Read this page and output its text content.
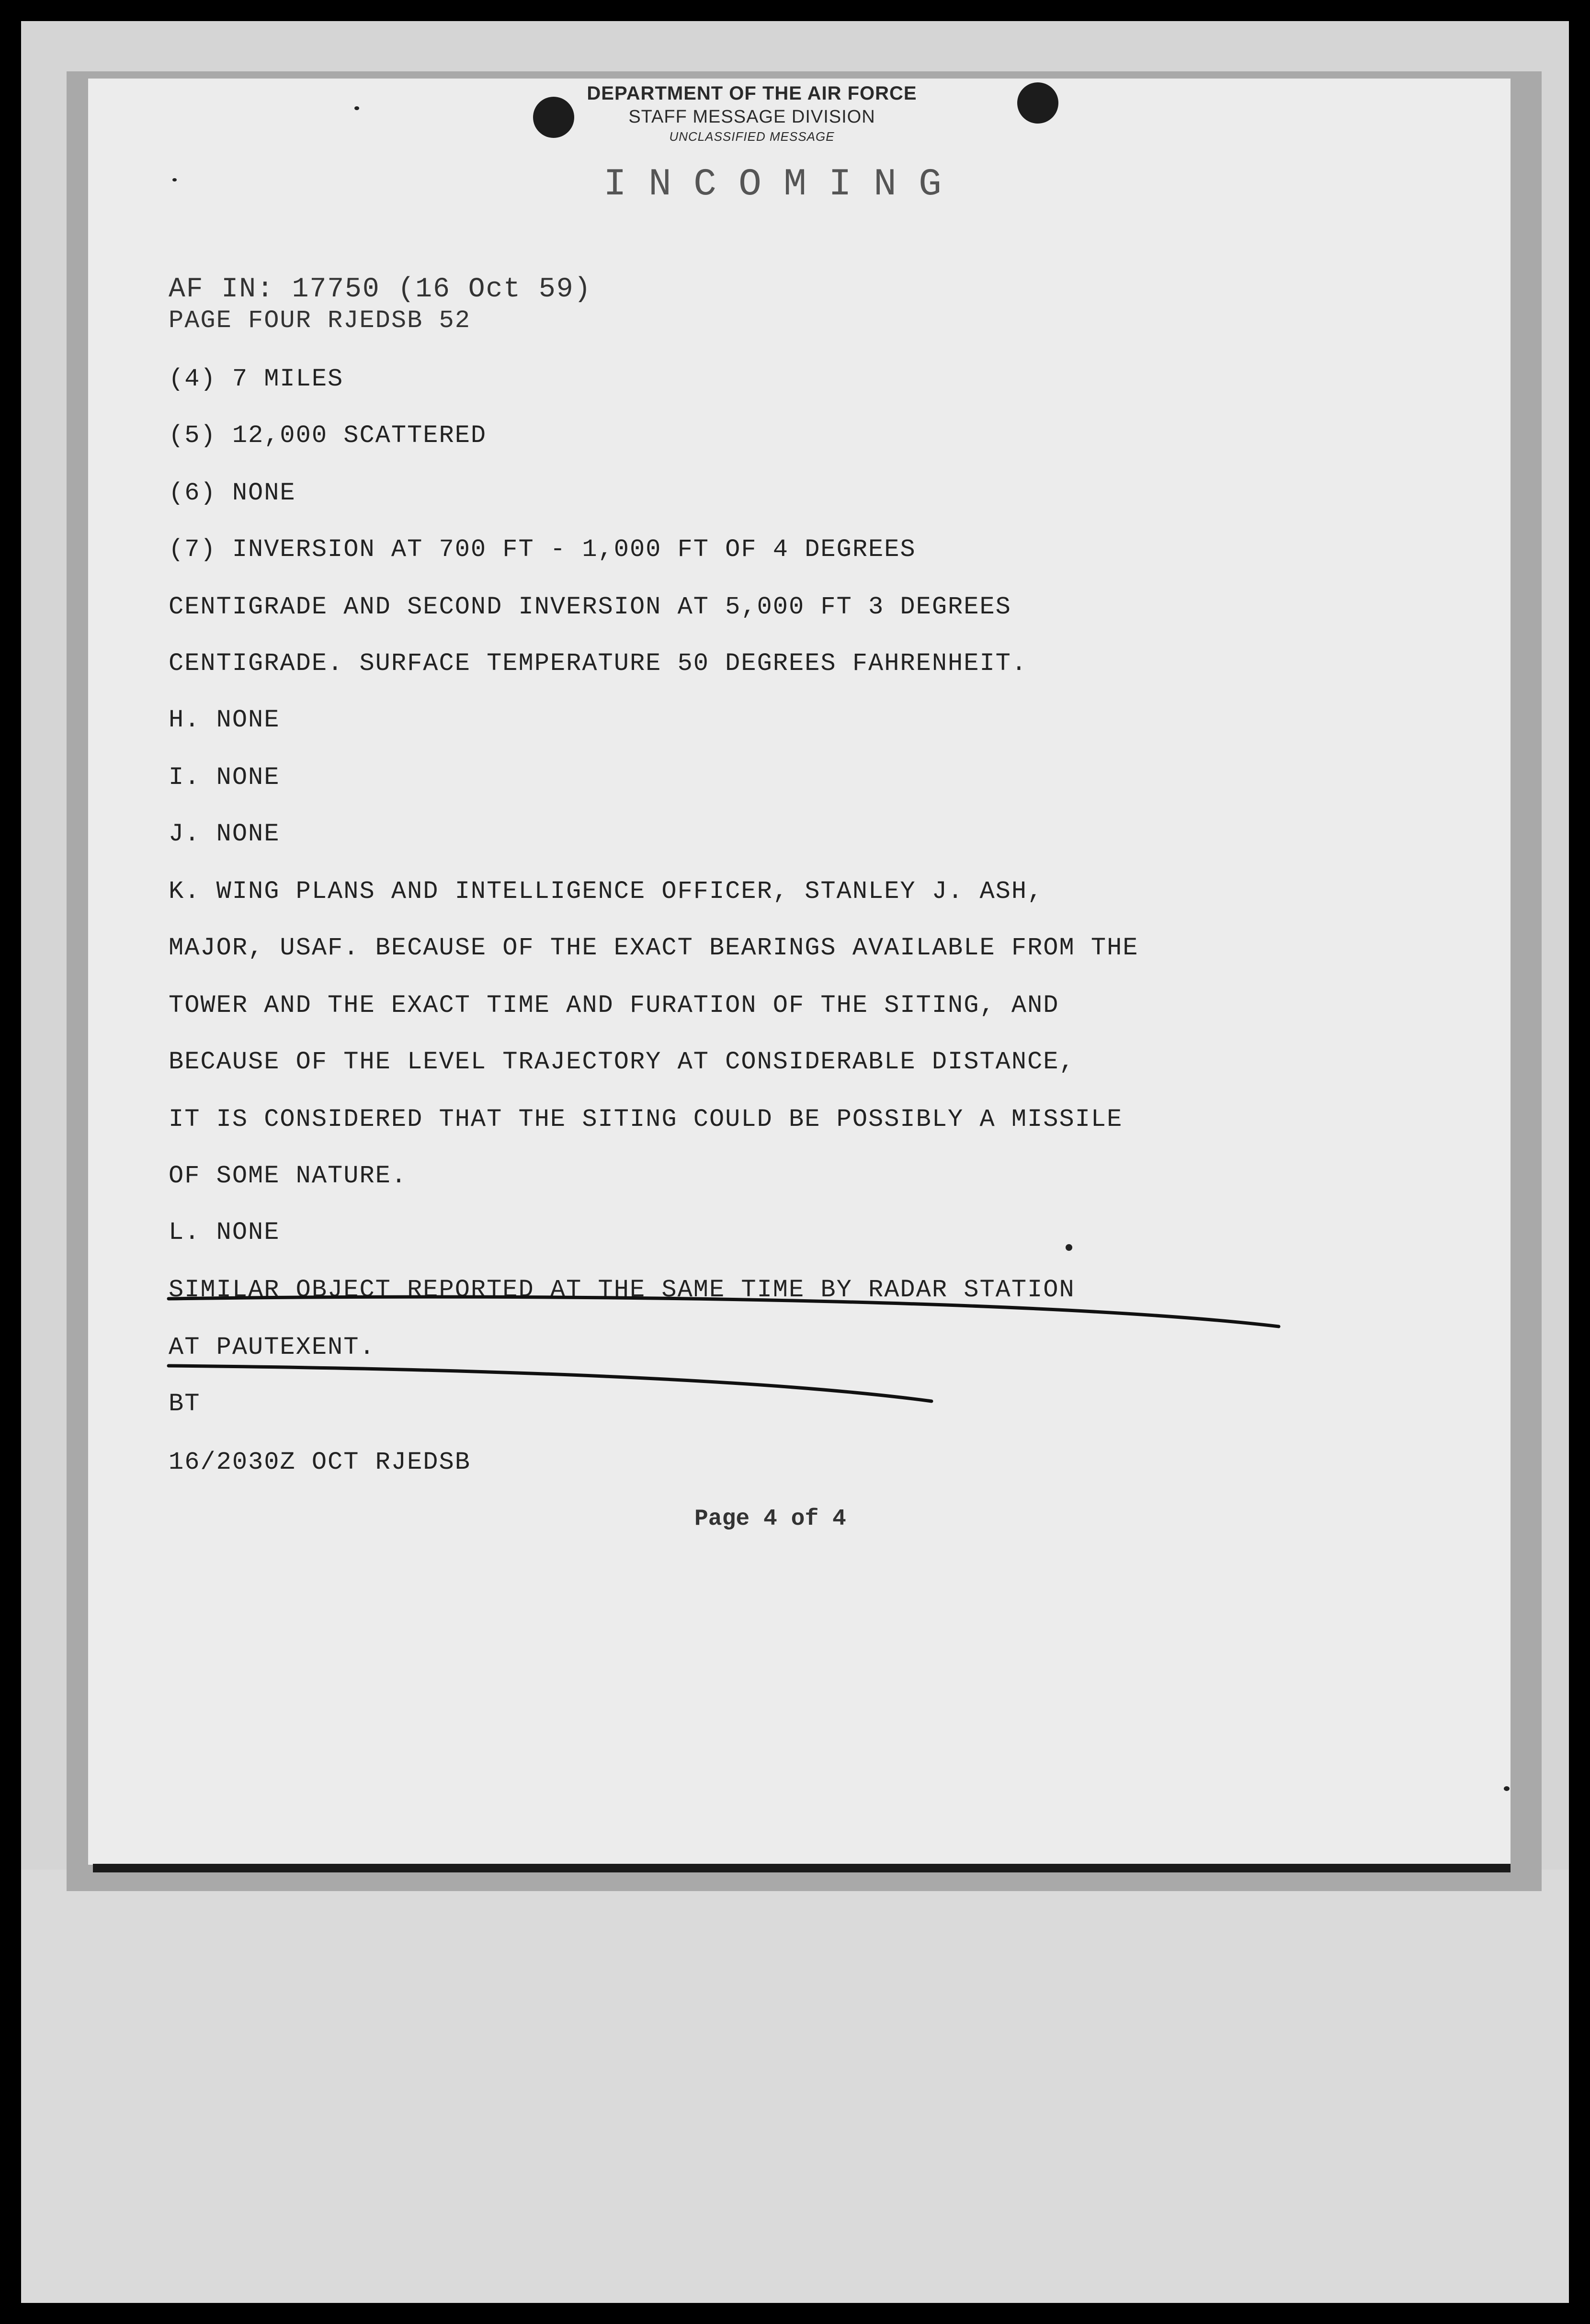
DEPARTMENT OF THE AIR FORCE
STAFF MESSAGE DIVISION
UNCLASSIFIED MESSAGE
INCOMING
AF IN: 17750 (16 Oct 59)
PAGE FOUR RJEDSB 52
(4) 7 MILES
(5) 12,000 SCATTERED
(6) NONE
(7) INVERSION AT 700 FT - 1,000 FT OF 4 DEGREES
CENTIGRADE AND SECOND INVERSION AT 5,000 FT 3 DEGREES
CENTIGRADE. SURFACE TEMPERATURE 50 DEGREES FAHRENHEIT.
H. NONE
I. NONE
J. NONE
K. WING PLANS AND INTELLIGENCE OFFICER, STANLEY J. ASH,
MAJOR, USAF. BECAUSE OF THE EXACT BEARINGS AVAILABLE FROM THE
TOWER AND THE EXACT TIME AND FURATION OF THE SITING, AND
BECAUSE OF THE LEVEL TRAJECTORY AT CONSIDERABLE DISTANCE,
IT IS CONSIDERED THAT THE SITING COULD BE POSSIBLY A MISSILE
OF SOME NATURE.
L. NONE
SIMILAR OBJECT REPORTED AT THE SAME TIME BY RADAR STATION
AT PAUTEXENT.
BT
16/2030Z OCT RJEDSB
Page 4 of 4
